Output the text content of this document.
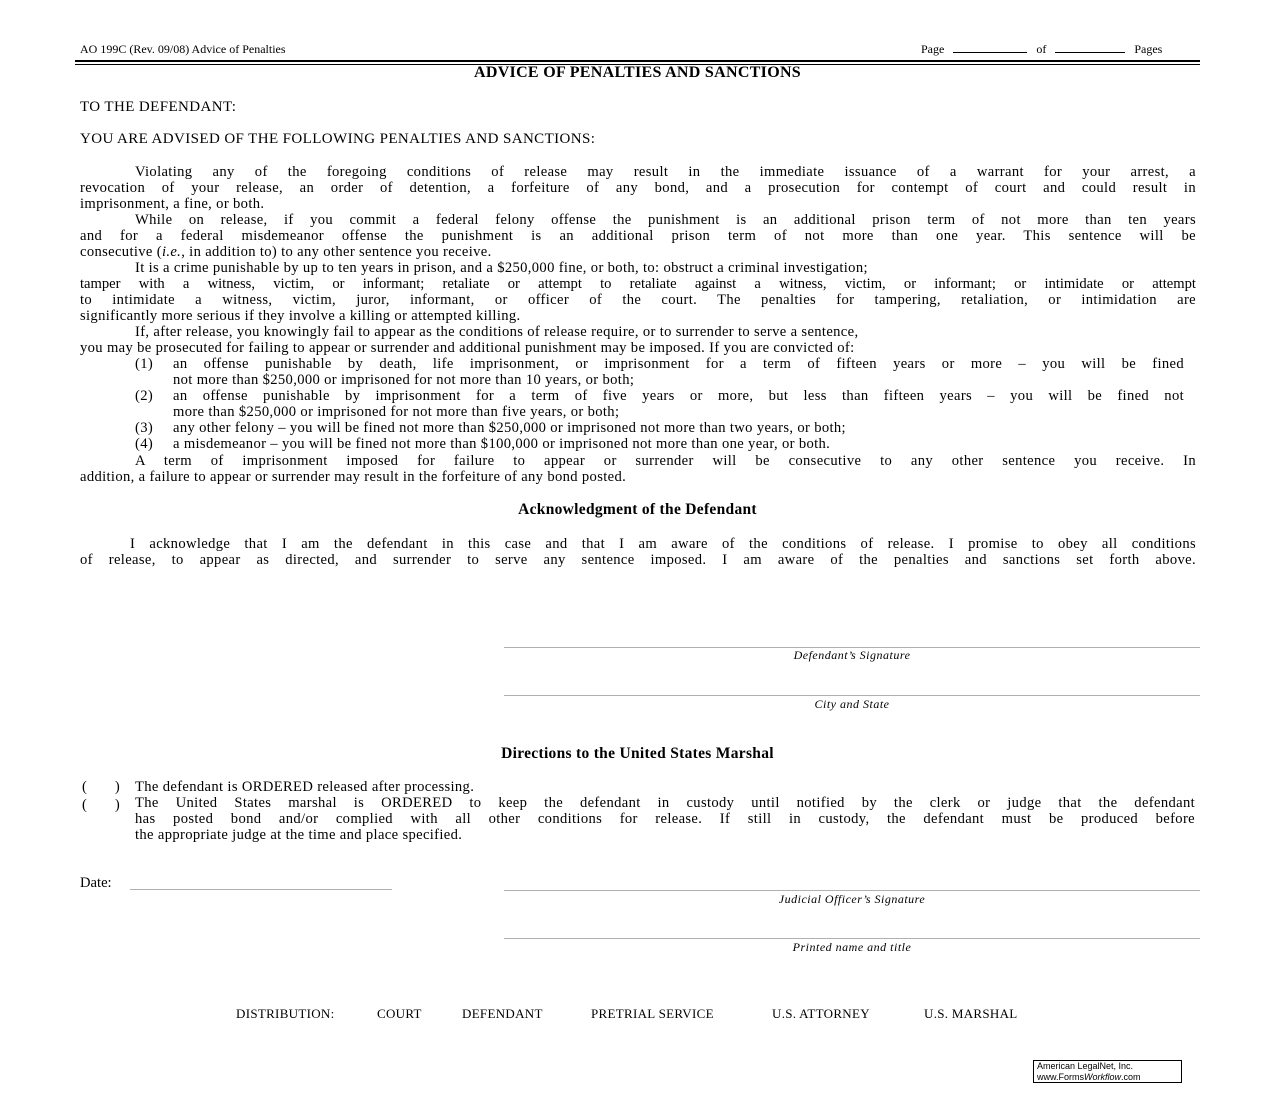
AO 199C (Rev. 09/08) Advice of Penalties	Page	of	Pages
ADVICE OF PENALTIES AND SANCTIONS
TO THE DEFENDANT:
YOU ARE ADVISED OF THE FOLLOWING PENALTIES AND SANCTIONS:
Violating any of the foregoing conditions of release may result in the immediate issuance of a warrant for your arrest, a
revocation of your release, an order of detention, a forfeiture of any bond, and a prosecution for contempt of court and could result in
imprisonment, a fine, or both.
While on release, if you commit a federal felony offense the punishment is an additional prison term of not more than ten years
and for a federal misdemeanor offense the punishment is an additional prison term of not more than one year. This sentence will be
consecutive (i.e., in addition to) to any other sentence you receive.
It is a crime punishable by up to ten years in prison, and a $250,000 fine, or both, to: obstruct a criminal investigation;
tamper with a witness, victim, or informant; retaliate or attempt to retaliate against a witness, victim, or informant; or intimidate or attempt
to intimidate a witness, victim, juror, informant, or officer of the court. The penalties for tampering, retaliation, or intimidation are
significantly more serious if they involve a killing or attempted killing.
If, after release, you knowingly fail to appear as the conditions of release require, or to surrender to serve a sentence,
you may be prosecuted for failing to appear or surrender and additional punishment may be imposed. If you are convicted of:
(1) an offense punishable by death, life imprisonment, or imprisonment for a term of fifteen years or more – you will be fined
not more than $250,000 or imprisoned for not more than 10 years, or both;
(2) an offense punishable by imprisonment for a term of five years or more, but less than fifteen years – you will be fined not
more than $250,000 or imprisoned for not more than five years, or both;
(3) any other felony – you will be fined not more than $250,000 or imprisoned not more than two years, or both;
(4) a misdemeanor – you will be fined not more than $100,000 or imprisoned not more than one year, or both.
A term of imprisonment imposed for failure to appear or surrender will be consecutive to any other sentence you receive. In
addition, a failure to appear or surrender may result in the forfeiture of any bond posted.
Acknowledgment of the Defendant
I acknowledge that I am the defendant in this case and that I am aware of the conditions of release. I promise to obey all conditions
of release, to appear as directed, and surrender to serve any sentence imposed. I am aware of the penalties and sanctions set forth above.
Defendant’s Signature
City and State
Directions to the United States Marshal
( ) The defendant is ORDERED released after processing.
( ) The United States marshal is ORDERED to keep the defendant in custody until notified by the clerk or judge that the defendant
has posted bond and/or complied with all other conditions for release. If still in custody, the defendant must be produced before
the appropriate judge at the time and place specified.
Date:
Judicial Officer’s Signature
Printed name and title
DISTRIBUTION:	COURT	DEFENDANT	PRETRIAL SERVICE	U.S. ATTORNEY	U.S. MARSHAL
American LegalNet, Inc.
www.FormsWorkflow.com
